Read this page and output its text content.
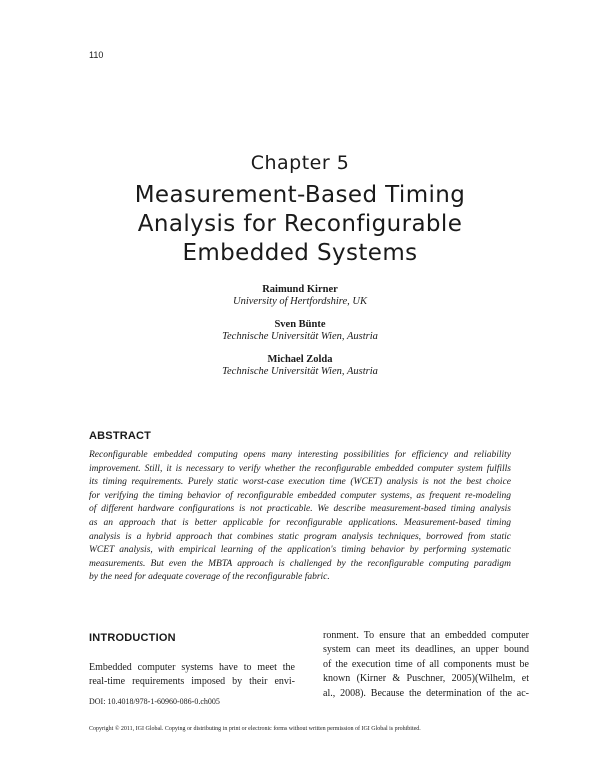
110
Chapter 5
Measurement-Based Timing
Analysis for Reconfigurable
Embedded Systems
Raimund Kirner
University of Hertfordshire, UK
Sven Bünte
Technische Universität Wien, Austria
Michael Zolda
Technische Universität Wien, Austria
ABSTRACT
Reconfigurable embedded computing opens many interesting possibilities for efficiency and reliability
improvement. Still, it is necessary to verify whether the reconfigurable embedded computer system fulfills
its timing requirements. Purely static worst-case execution time (WCET) analysis is not the best choice
for verifying the timing behavior of reconfigurable embedded computer systems, as frequent re-modeling
of different hardware configurations is not practicable. We describe measurement-based timing analysis
as an approach that is better applicable for reconfigurable applications. Measurement-based timing
analysis is a hybrid approach that combines static program analysis techniques, borrowed from static
WCET analysis, with empirical learning of the application's timing behavior by performing systematic
measurements. But even the MBTA approach is challenged by the reconfigurable computing paradigm
by the need for adequate coverage of the reconfigurable fabric.
INTRODUCTION
Embedded computer systems have to meet the
real-time requirements imposed by their envi-
ronment. To ensure that an embedded computer
system can meet its deadlines, an upper bound
of the execution time of all components must be
known (Kirner & Puschner, 2005)(Wilhelm, et
al., 2008). Because the determination of the ac-
DOI: 10.4018/978-1-60960-086-0.ch005
Copyright © 2011, IGI Global. Copying or distributing in print or electronic forms without written permission of IGI Global is prohibited.
